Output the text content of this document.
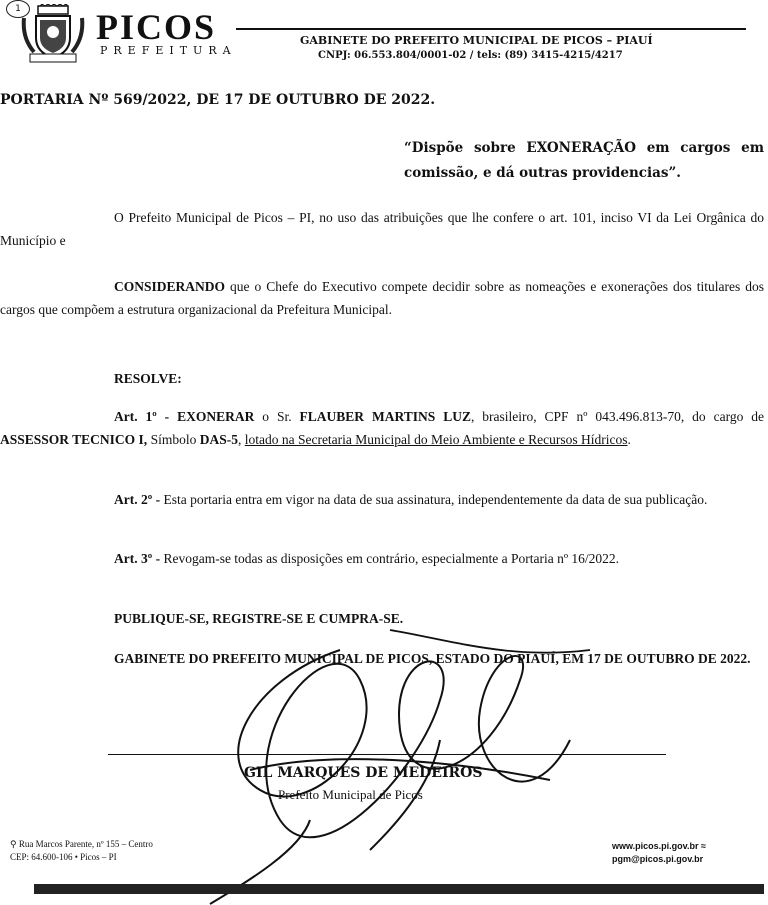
1 PICOS
PREFEITURA
GABINETE DO PREFEITO MUNICIPAL DE PICOS – PIAUÍ
CNPJ: 06.553.804/0001-02 / tels: (89) 3415-4215/4217
PORTARIA Nº 569/2022, DE 17 DE OUTUBRO DE 2022.
“Dispõe sobre EXONERAÇÃO em cargos em comissão, e dá outras providencias”.
O Prefeito Municipal de Picos – PI, no uso das atribuições que lhe confere o art. 101, inciso VI da Lei Orgânica do Município e
CONSIDERANDO que o Chefe do Executivo compete decidir sobre as nomeações e exonerações dos titulares dos cargos que compõem a estrutura organizacional da Prefeitura Municipal.
RESOLVE:
Art. 1º - EXONERAR o Sr. FLAUBER MARTINS LUZ, brasileiro, CPF nº 043.496.813-70, do cargo de ASSESSOR TECNICO I, Símbolo DAS-5, lotado na Secretaria Municipal do Meio Ambiente e Recursos Hídricos.
Art. 2º - Esta portaria entra em vigor na data de sua assinatura, independentemente da data de sua publicação.
Art. 3º - Revogam-se todas as disposições em contrário, especialmente a Portaria nº 16/2022.
PUBLIQUE-SE, REGISTRE-SE E CUMPRA-SE.
GABINETE DO PREFEITO MUNICIPAL DE PICOS, ESTADO DO PIAUÍ, EM 17 DE OUTUBRO DE 2022.
GIL MARQUES DE MEDEIROS
Prefeito Municipal de Picos
⚲ Rua Marcos Parente, nº 155 – Centro
CEP: 64.600-106 • Picos – PI
www.picos.pi.gov.br ≈
pgm@picos.pi.gov.br
